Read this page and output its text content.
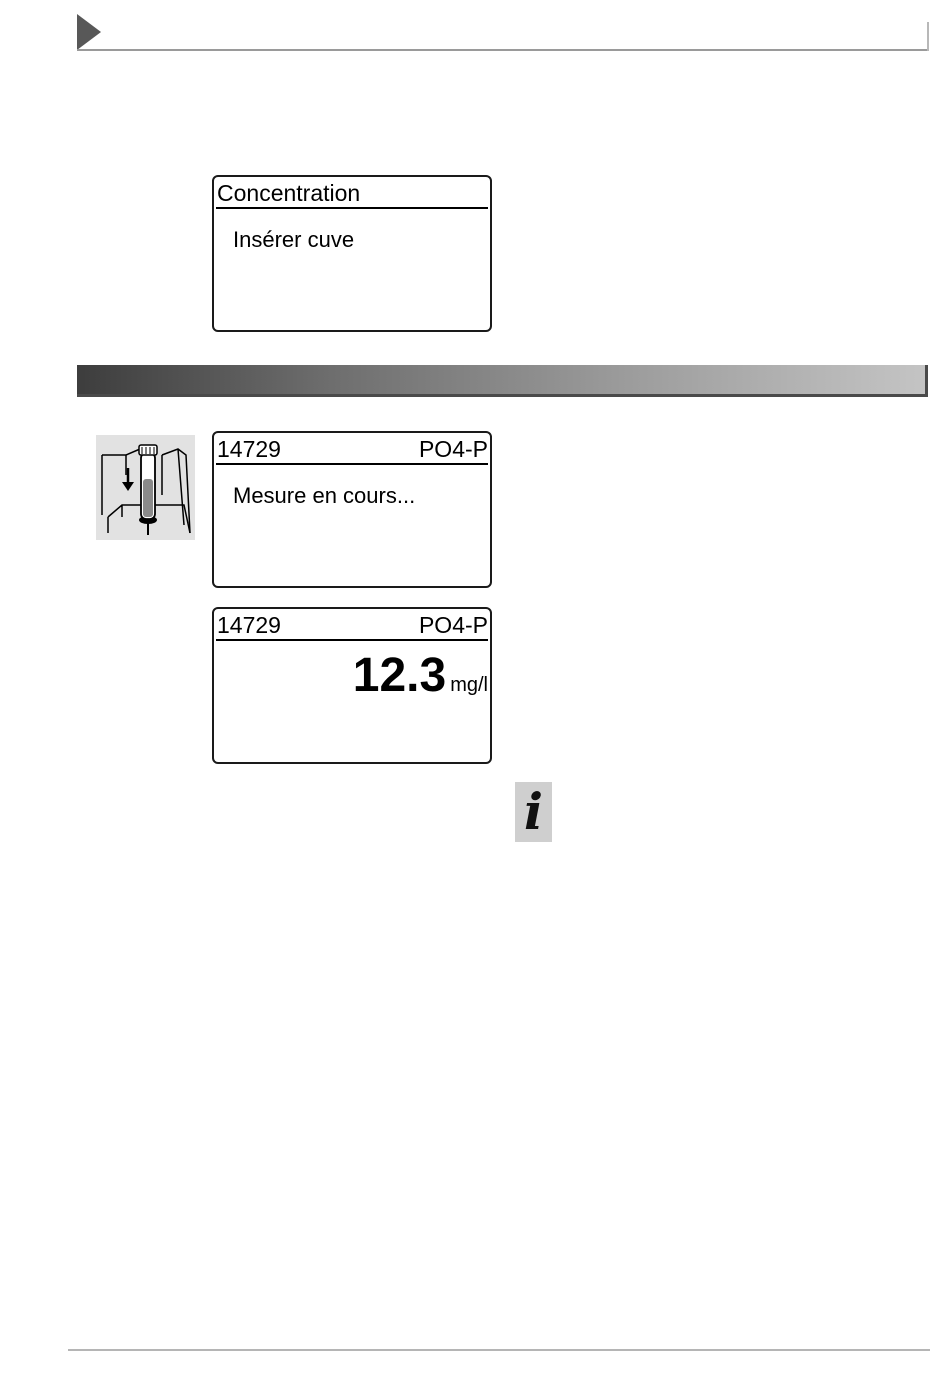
Concentration
Insérer cuve
14729	PO4-P
Mesure en cours...
14729	PO4-P
12.3 mg/l
i
